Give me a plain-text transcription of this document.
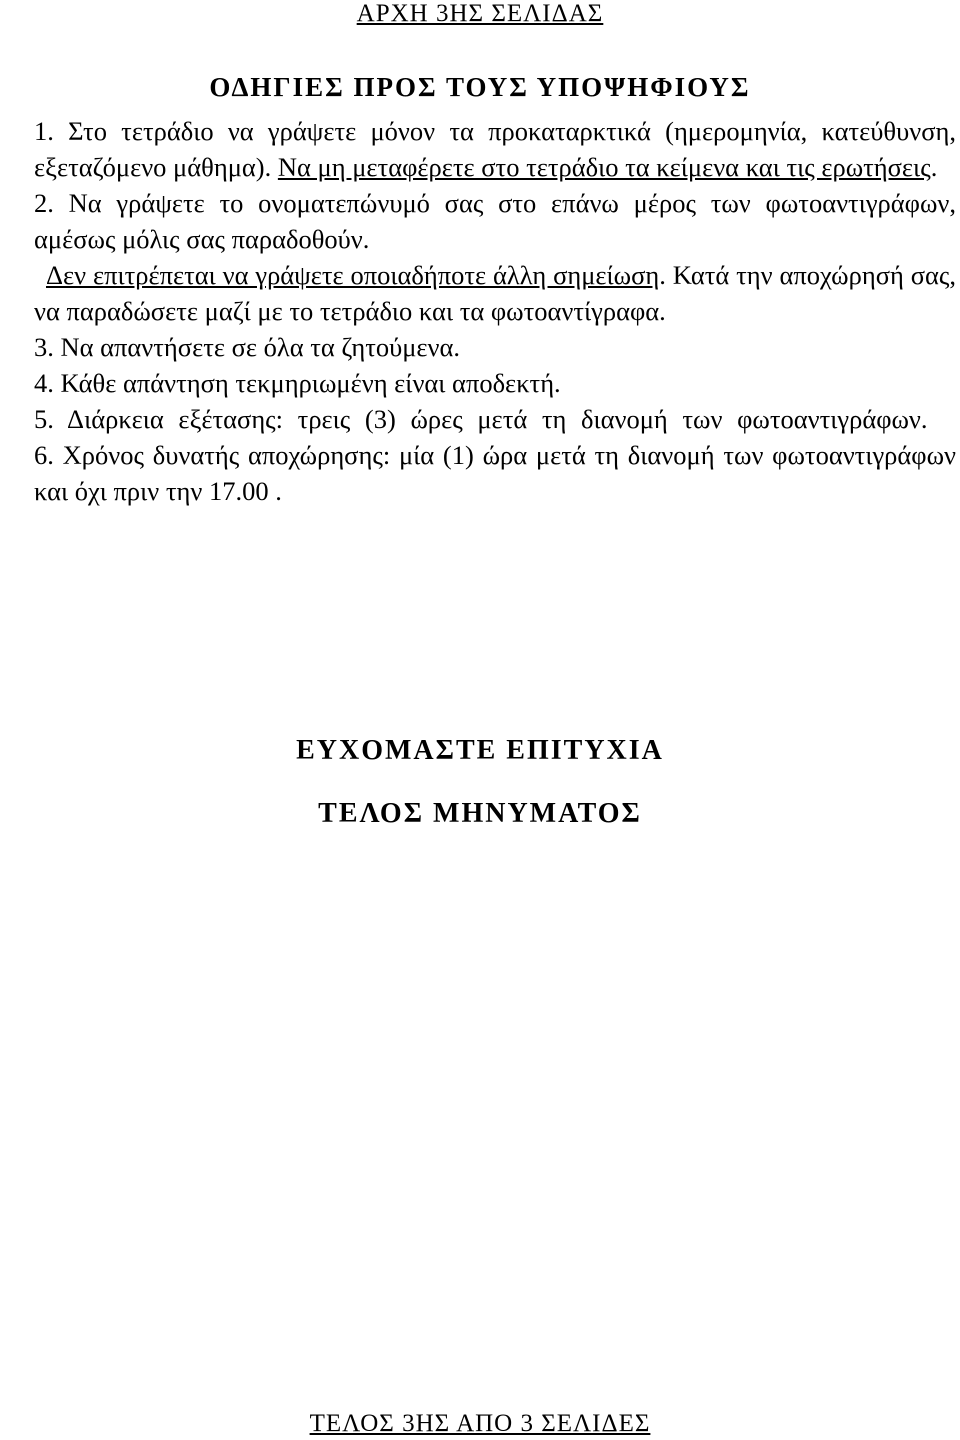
ΑΡΧΗ 3ΗΣ ΣΕΛΙΔΑΣ
ΟΔΗΓΙΕΣ ΠΡΟΣ ΤΟΥΣ ΥΠΟΨΗΦΙΟΥΣ

1. Στο τετράδιο να γράψετε μόνον τα προκαταρκτικά (ημερομηνία, κατεύθυνση, εξεταζόμενο μάθημα). Να μη μεταφέρετε στο τετράδιο τα κείμενα και τις ερωτήσεις.

2. Να γράψετε το ονοματεπώνυμό σας στο επάνω μέρος των φωτοαντιγράφων, αμέσως μόλις σας παραδοθούν.

Δεν επιτρέπεται να γράψετε οποιαδήποτε άλλη σημείωση. Κατά την αποχώρησή σας, να παραδώσετε μαζί με το τετράδιο και τα φωτοαντίγραφα.

3. Να απαντήσετε σε όλα τα ζητούμενα.

4. Κάθε απάντηση τεκμηριωμένη είναι αποδεκτή.

5. Διάρκεια εξέτασης: τρεις (3) ώρες μετά τη διανομή των φωτοαντιγράφων.

6. Χρόνος δυνατής αποχώρησης: μία (1) ώρα μετά τη διανομή των φωτοαντιγράφων και όχι πριν την 17.00 .

ΕΥΧΟΜΑΣΤΕ ΕΠΙΤΥΧΙΑ
ΤΕΛΟΣ ΜΗΝΥΜΑΤΟΣ
ΤΕΛΟΣ 3ΗΣ ΑΠΟ 3 ΣΕΛΙΔΕΣ
